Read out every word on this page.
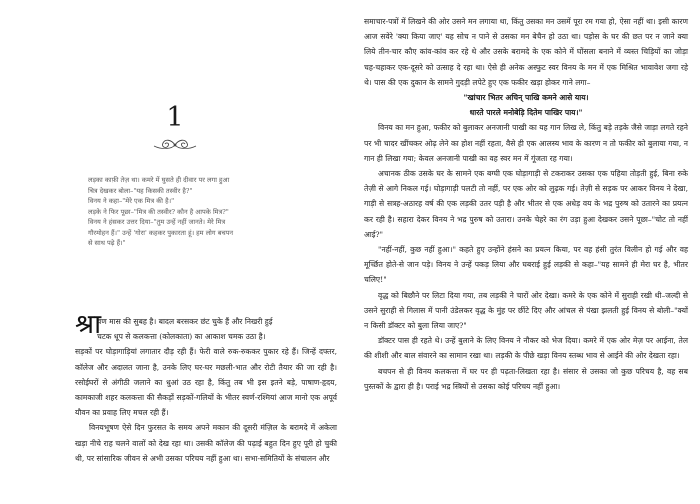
1

लड़का काफ़ी तेज़ था। कमरे में घुसते ही दीवार पर लगा हुआ

चित्र देखकर बोला–"यह किसकी तस्वीर है?"

विनय ने कहा–"मेरे एक मित्र की है।"

लड़के ने फिर पूछा–"मित्र की तस्वीर? कौन है आपके मित्र?"

विनय ने हंसकर उत्तर दिया–"तुम उन्हें नहीं जानते। मेरे मित्र

गौरमोहन हैं।" उन्हें 'गोरा' कहकर पुकारता हूं। हम लोग बचपन

से साथ पढ़े हैं।"

श्रा

वण मास की सुबह है। बादल बरसकर छंट चुके हैं और निखरी हुई

चटक धूप से कलकत्ता (कोलकाता) का आकाश चमक उठा है।

सड़कों पर घोड़ागाड़ियां लगातार दौड़ रही हैं। फेरी वाले रुक-रुककर पुकार रहे हैं। जिन्हें दफ्तर, कॉलेज और अदालत जाना है, उनके लिए घर-घर मछली-भात और रोटी तैयार की जा रही है। रसोईघरों से अंगीठी जलाने का धुआं उठ रहा है, किंतु तब भी इस इतने बड़े, पाषाण-हृदय, कामकाजी शहर कलकत्ता की सैकड़ों सड़कों-गलियों के भीतर स्वर्ण-रश्मियां आज मानो एक अपूर्व यौवन का प्रवाह लिए मचल रही हैं।

विनयभूषण ऐसे दिन फुरसत के समय अपने मकान की दूसरी मंज़िल के बरामदे में अकेला खड़ा नीचे राह चलने वालों को देख रहा था। उसकी कॉलेज की पढ़ाई बहुत दिन हुए पूरी हो चुकी थी, पर सांसारिक जीवन से अभी उसका परिचय नहीं हुआ था। सभा-समितियों के संचालन और

समाचार-पत्रों में लिखने की ओर उसने मन लगाया था, किंतु उसका मन उसमें पूरा रम गया हो, ऐसा नहीं था। इसी कारण आज सवेरे 'क्या किया जाए' यह सोच न पाने से उसका मन बेचैन हो उठा था। पड़ोस के घर की छत पर न जाने क्या लिये तीन-चार कौए कांव-कांव कर रहे थे और उसके बरामदे के एक कोने में घोंसला बनाने में व्यस्त चिड़ियों का जोड़ा चह-चहाकर एक-दूसरे को उत्साह दे रहा था। ऐसे ही अनेक अस्फुट स्वर विनय के मन में एक मिश्रित भावावेश जगा रहे थे। पास की एक दुकान के सामने गुदड़ी लपेटे हुए एक फकीर खड़ा होकर गाने लगा–

"खांचार भितर अचिन् पाखि कमने आसे याय।

धारते पारले मनोबेड़ि दितेम पाखिर पाय।"

विनय का मन हुआ, फकीर को बुलाकर अनजानी पाखी का यह गान लिख ले, किंतु बड़े तड़के जैसे जाड़ा लगते रहने पर भी चादर खींचकर ओढ़ लेने का होश नहीं रहता, वैसे ही एक आलस्य भाव के कारण न तो फकीर को बुलाया गया, न गान ही लिखा गया; केवल अनजानी पाखी का वह स्वर मन में गूंजता रह गया।

अचानक ठीक उसके घर के सामने एक बग्घी एक घोड़ागाड़ी से टकराकर उसका एक पहिया तोड़ती हुई, बिना रुके तेज़ी से आगे निकल गई। घोड़ागाड़ी पलटी तो नहीं, पर एक ओर को लुढ़क गई। तेज़ी से सड़क पर आकर विनय ने देखा, गाड़ी से सत्रह-अठारह वर्ष की एक लड़की उतर पड़ी है और भीतर से एक अधेड़ वय के भद्र पुरुष को उतारने का प्रयत्न कर रही है। सहारा देकर विनय ने भद्र पुरुष को उतारा। उनके चेहरे का रंग उड़ा हुआ देखकर उसने पूछा–"चोट तो नहीं आई?"

"नहीं-नहीं, कुछ नहीं हुआ।" कहते हुए उन्होंने हंसने का प्रयत्न किया, पर वह हंसी तुरंत विलीन हो गई और वह मूर्च्छित होते-से जान पड़े। विनय ने उन्हें पकड़ लिया और घबराई हुई लड़की से कहा–"यह सामने ही मेरा घर है, भीतर चलिए!"

वृद्ध को बिछौने पर लिटा दिया गया, तब लड़की ने चारों ओर देखा। कमरे के एक कोने में सुराही रखी थी–जल्दी से उसने सुराही से गिलास में पानी उंडेलकर वृद्ध के मुंह पर छींटे दिए और आंचल से पंखा झलती हुई विनय से बोली–"क्यों न किसी डॉक्टर को बुला लिया जाए?"

डॉक्टर पास ही रहते थे। उन्हें बुलाने के लिए विनय ने नौकर को भेज दिया। कमरे में एक ओर मेज़ पर आईना, तेल की शीशी और बाल संवारने का सामान रखा था। लड़की के पीछे खड़ा विनय स्तब्ध भाव से आईने की ओर देखता रहा।

बचपन से ही विनय कलकत्ता में घर पर ही पढ़ता-लिखता रहा है। संसार से उसका जो कुछ परिचय है, वह सब पुस्तकों के द्वारा ही है। पराई भद्र स्त्रियों से उसका कोई परिचय नहीं हुआ।
